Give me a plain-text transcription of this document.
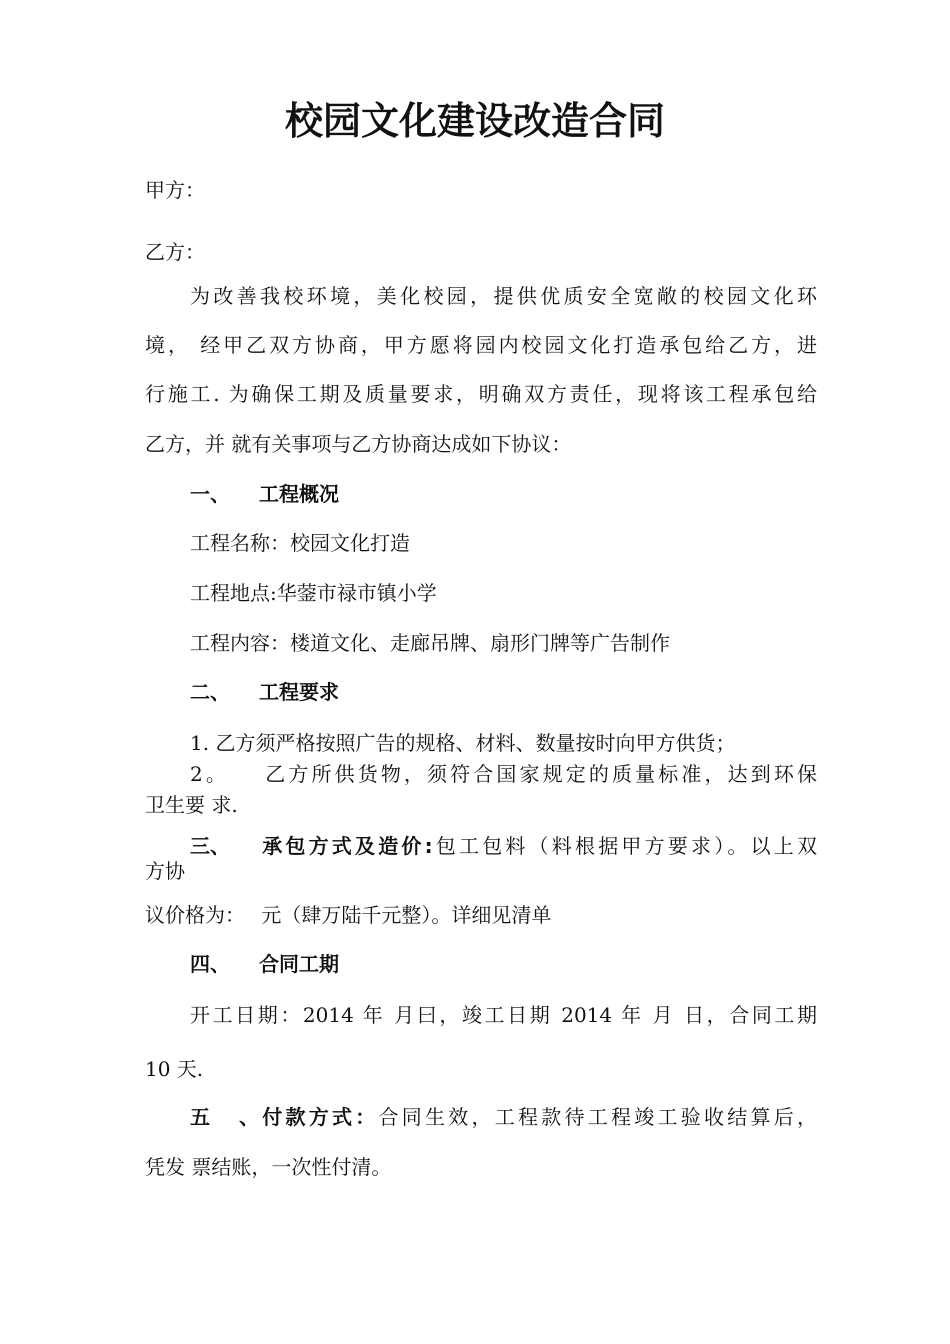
校园文化建设改造合同
甲方：
乙方：
为改善我校环境，美化校园，提供优质安全宽敞的校园文化环
境， 经甲乙双方协商，甲方愿将园内校园文化打造承包给乙方，进
行施工. 为确保工期及质量要求，明确双方责任，现将该工程承包给
乙方，并 就有关事项与乙方协商达成如下协议：
一、 工程概况
工程名称：校园文化打造
工程地点:华蓥市禄市镇小学
工程内容：楼道文化、走廊吊牌、扇形门牌等广告制作
二、 工程要求
1. 乙方须严格按照广告的规格、材料、数量按时向甲方供货；
2。　　乙方所供货物，须符合国家规定的质量标准，达到环保
卫生要 求.
三、 承包方式及造价:包工包料（料根据甲方要求）。以上双
方协
议价格为：　 元（肆万陆千元整）。详细见清单
四、 合同工期
开工日期：2014 年 月曰，竣工日期 2014 年 月 日，合同工期
10 天.
五、付款方式：合同生效，工程款待工程竣工验收结算后，
凭发 票结账，一次性付清。
